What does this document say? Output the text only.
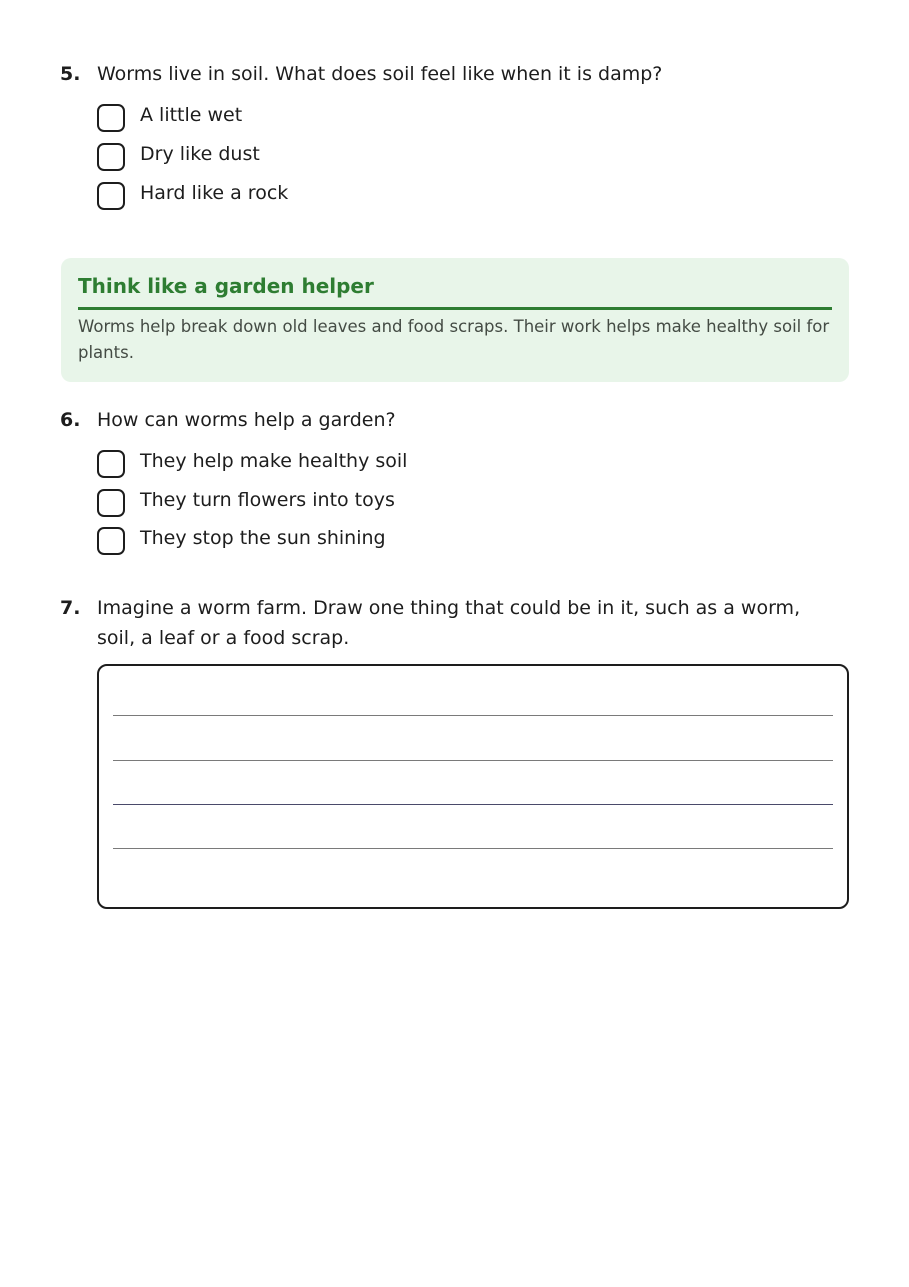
5. Worms live in soil. What does soil feel like when it is damp?
A little wet
Dry like dust
Hard like a rock
Think like a garden helper
Worms help break down old leaves and food scraps. Their work helps make healthy soil for plants.
6. How can worms help a garden?
They help make healthy soil
They turn flowers into toys
They stop the sun shining
7. Imagine a worm farm. Draw one thing that could be in it, such as a worm, soil, a leaf or a food scrap.
